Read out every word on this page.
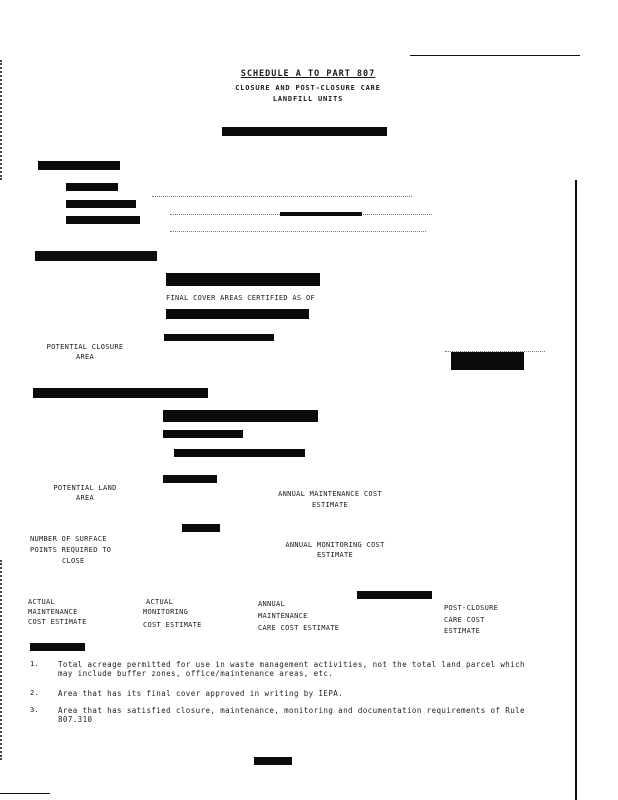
SCHEDULE A TO PART 807
CLOSURE AND POST-CLOSURE CARE
LANDFILL UNITS
FINAL COVER AREAS CERTIFIED AS OF
POTENTIAL CLOSURE
AREA
POTENTIAL LAND
AREA	ANNUAL MAINTENANCE COST
ESTIMATE
NUMBER OF SURFACE
POINTS REQUIRED TO
CLOSE
ANNUAL MONITORING COST
ESTIMATE
ACTUAL
MAINTENANCE
COST ESTIMATE
ACTUAL
MONITORING
COST ESTIMATE
ANNUAL
MAINTENANCE
CARE COST ESTIMATE
POST-CLOSURE
CARE COST
ESTIMATE
1.	Total acreage permitted for use in waste management activities, not the total land parcel which may include buffer zones, office/maintenance areas, etc.
2.	Area that has its final cover approved in writing by IEPA.
3.	Area that has satisfied closure, maintenance, monitoring and documentation requirements of Rule 807.310
